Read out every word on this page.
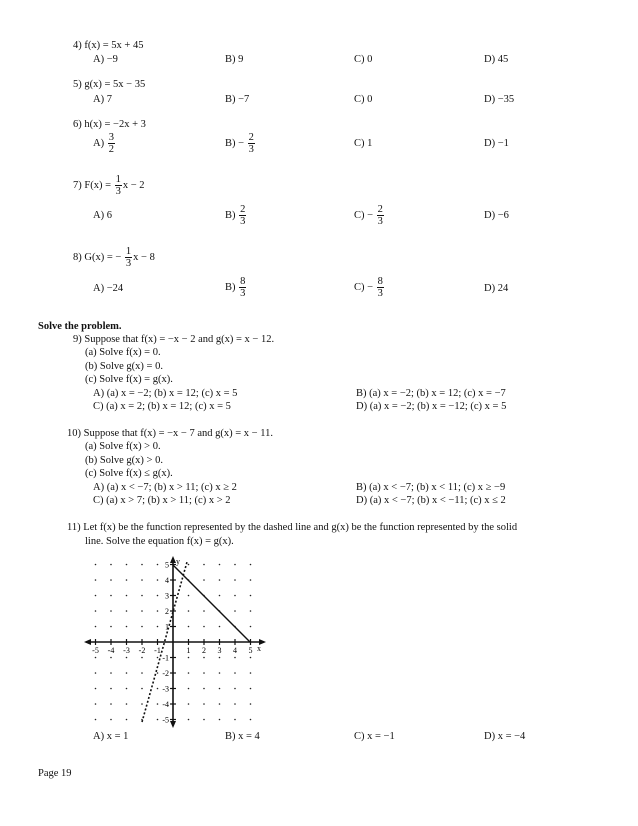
4) f(x) = 5x + 45
A) −9	B) 9	C) 0	D) 45
5) g(x) = 5x − 35
A) 7	B) −7	C) 0	D) −35
6) h(x) = −2x + 3
$A) \frac{3}{2}$	$B) - \frac{2}{3}$	C) 1	D) −1
7) $F(x) = \frac{1}{3}$ x − 2
A) 6	$B) \frac{2}{3}$	$C) - \frac{2}{3}$	D) −6
8) G(x) = − $\frac{1}{3}$ x − 8
A) −24	$B) \frac{8}{3}$	$C) - \frac{8}{3}$	D) 24
Solve the problem.
9) Suppose that f(x) = −x − 2 and g(x) = x − 12.
(a) Solve f(x) = 0.
(b) Solve g(x) = 0.
(c) Solve f(x) = g(x).
A) (a) x = −2; (b) x = 12; (c) x = 5	B) (a) x = −2; (b) x = 12; (c) x = −7
C) (a) x = 2; (b) x = 12; (c) x = 5	D) (a) x = −2; (b) x = −12; (c) x = 5
10) Suppose that f(x) = −x − 7 and g(x) = x − 11.
(a) Solve f(x) > 0.
(b) Solve g(x) > 0.
(c) Solve f(x) ≤ g(x).
A) (a) x < −7; (b) x > 11; (c) x ≥ 2	B) (a) x < −7; (b) x < 11; (c) x ≥ −9
C) (a) x > 7; (b) x > 11; (c) x > 2	D) (a) x < −7; (b) x < −11; (c) x ≤ 2
11) Let f(x) be the function represented by the dashed line and g(x) be the function represented by the solid
line. Solve the equation f(x) = g(x).
-5 -4 -3 -2 -1	1 2 3 4 5
5
4
3
2
1
-1
-2
-3
-4
-5
x
y
A) x = 1	B) x = 4	C) x = −1	D) x = −4
Page 19
